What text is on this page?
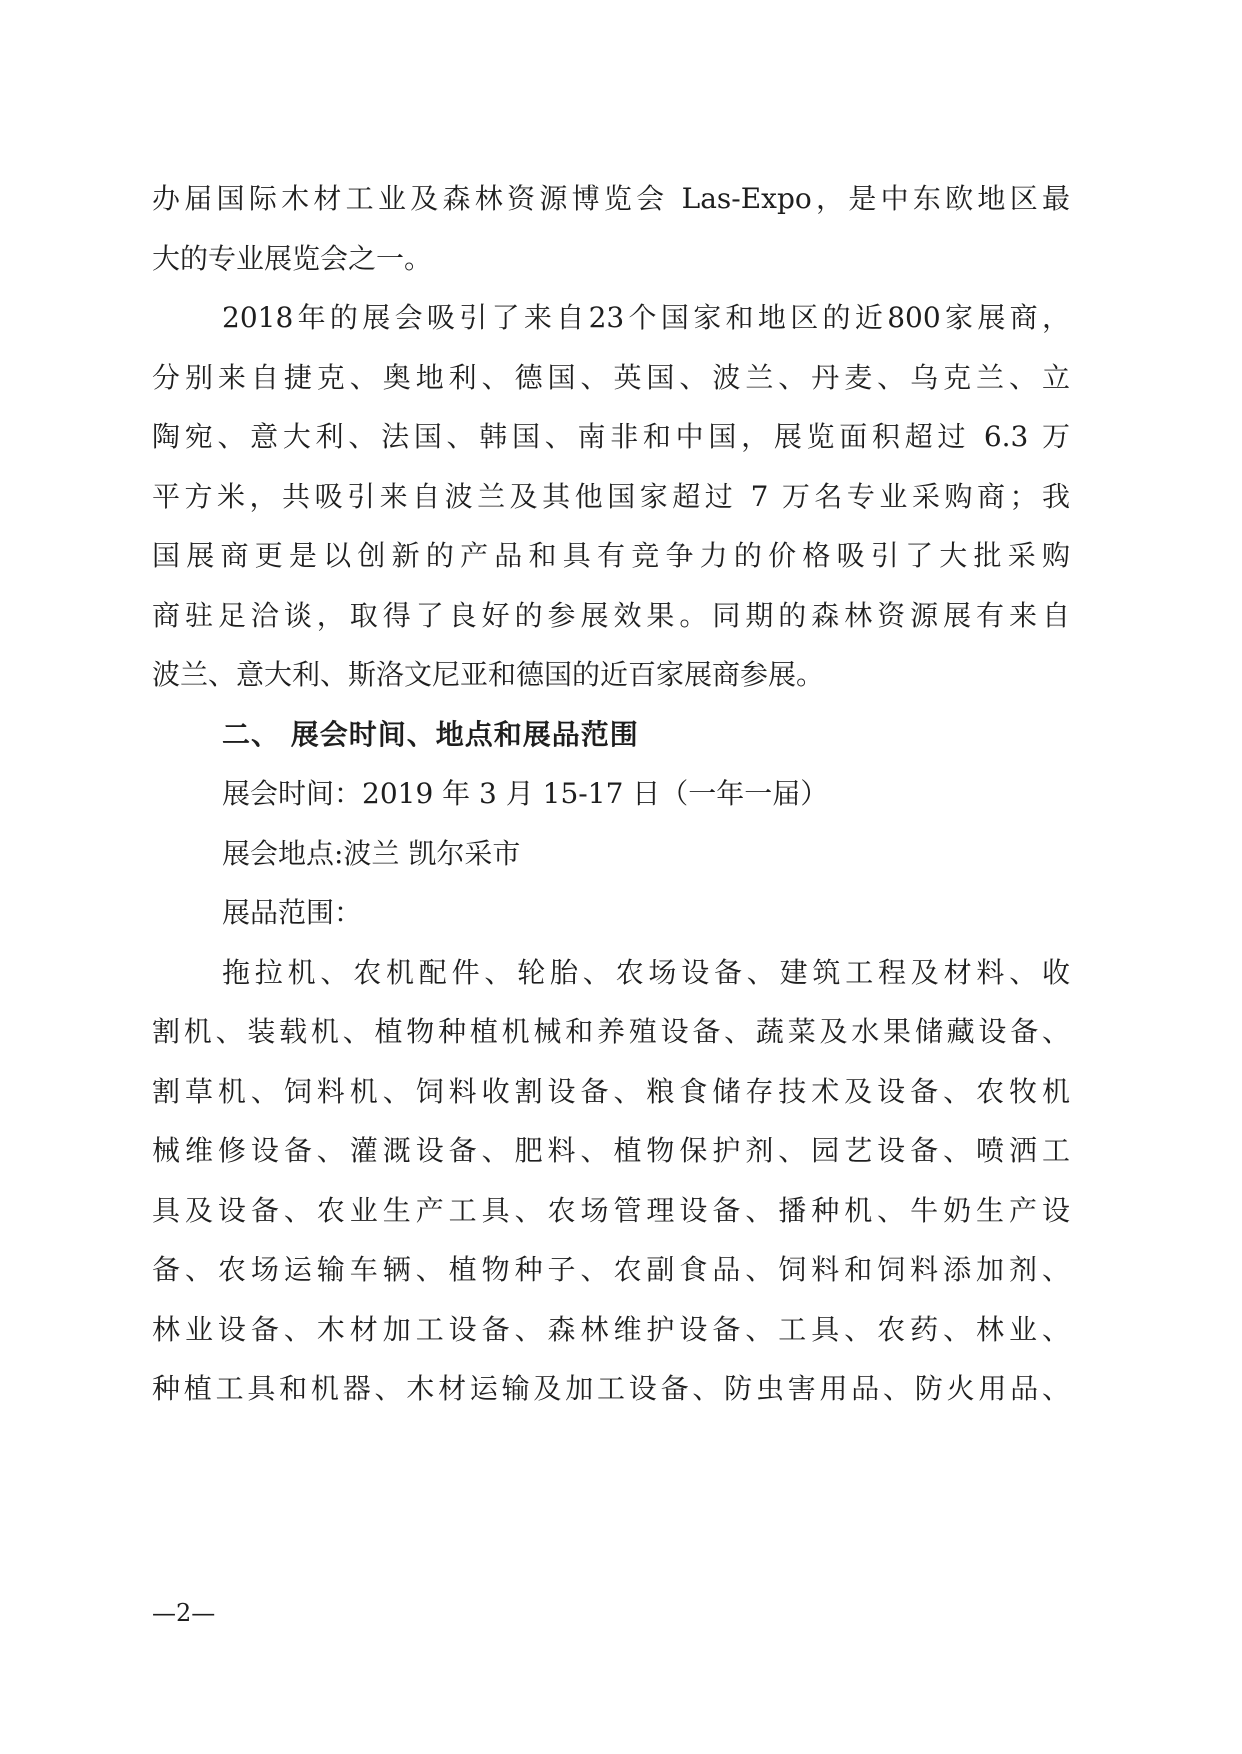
办届国际木材工业及森林资源博览会 Las-Expo，是中东欧地区最
大的专业展览会之一。
2018年的展会吸引了来自23个国家和地区的近800家展商，
分别来自捷克、奥地利、德国、英国、波兰、丹麦、乌克兰、立
陶宛、意大利、法国、韩国、南非和中国，展览面积超过 6.3 万
平方米，共吸引来自波兰及其他国家超过 7 万名专业采购商；我
国展商更是以创新的产品和具有竞争力的价格吸引了大批采购
商驻足洽谈，取得了良好的参展效果。同期的森林资源展有来自
波兰、意大利、斯洛文尼亚和德国的近百家展商参展。
二、 展会时间、地点和展品范围
展会时间：2019 年 3 月 15-17 日（一年一届）
展会地点:波兰 凯尔采市
展品范围：
拖拉机、农机配件、轮胎、农场设备、建筑工程及材料、收
割机、装载机、植物种植机械和养殖设备、蔬菜及水果储藏设备、
割草机、饲料机、饲料收割设备、粮食储存技术及设备、农牧机
械维修设备、灌溉设备、肥料、植物保护剂、园艺设备、喷洒工
具及设备、农业生产工具、农场管理设备、播种机、牛奶生产设
备、农场运输车辆、植物种子、农副食品、饲料和饲料添加剂、
林业设备、木材加工设备、森林维护设备、工具、农药、林业、
种植工具和机器、木材运输及加工设备、防虫害用品、防火用品、
—2—
